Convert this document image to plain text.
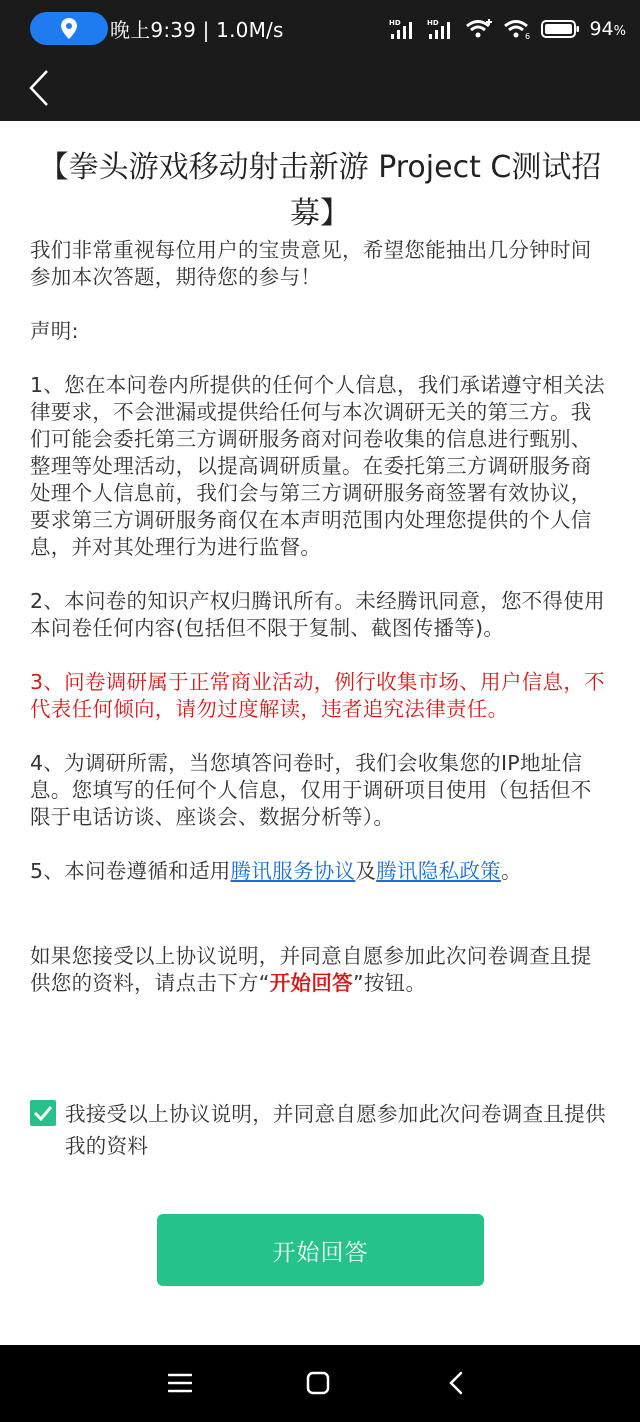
晚上9:39 | 1.0M/s	HD	HD
6	94%
【拳头游戏移动射击新游 Project C测试招募】

我们非常重视每位用户的宝贵意见，希望您能抽出几分钟时间参加本次答题，期待您的参与！

声明:

1、您在本问卷内所提供的任何个人信息，我们承诺遵守相关法律要求，不会泄漏或提供给任何与本次调研无关的第三方。我们可能会委托第三方调研服务商对问卷收集的信息进行甄别、整理等处理活动，以提高调研质量。在委托第三方调研服务商处理个人信息前，我们会与第三方调研服务商签署有效协议，要求第三方调研服务商仅在本声明范围内处理您提供的个人信息，并对其处理行为进行监督。

2、本问卷的知识产权归腾讯所有。未经腾讯同意，您不得使用本问卷任何内容(包括但不限于复制、截图传播等)。

3、问卷调研属于正常商业活动，例行收集市场、用户信息，不代表任何倾向，请勿过度解读，违者追究法律责任。

4、为调研所需，当您填答问卷时，我们会收集您的IP地址信息。您填写的任何个人信息，仅用于调研项目使用（包括但不限于电话访谈、座谈会、数据分析等）。

5、本问卷遵循和适用腾讯服务协议及腾讯隐私政策。

如果您接受以上协议说明，并同意自愿参加此次问卷调查且提供您的资料，请点击下方“开始回答”按钮。

我接受以上协议说明，并同意自愿参加此次问卷调查且提供我的资料
开始回答
